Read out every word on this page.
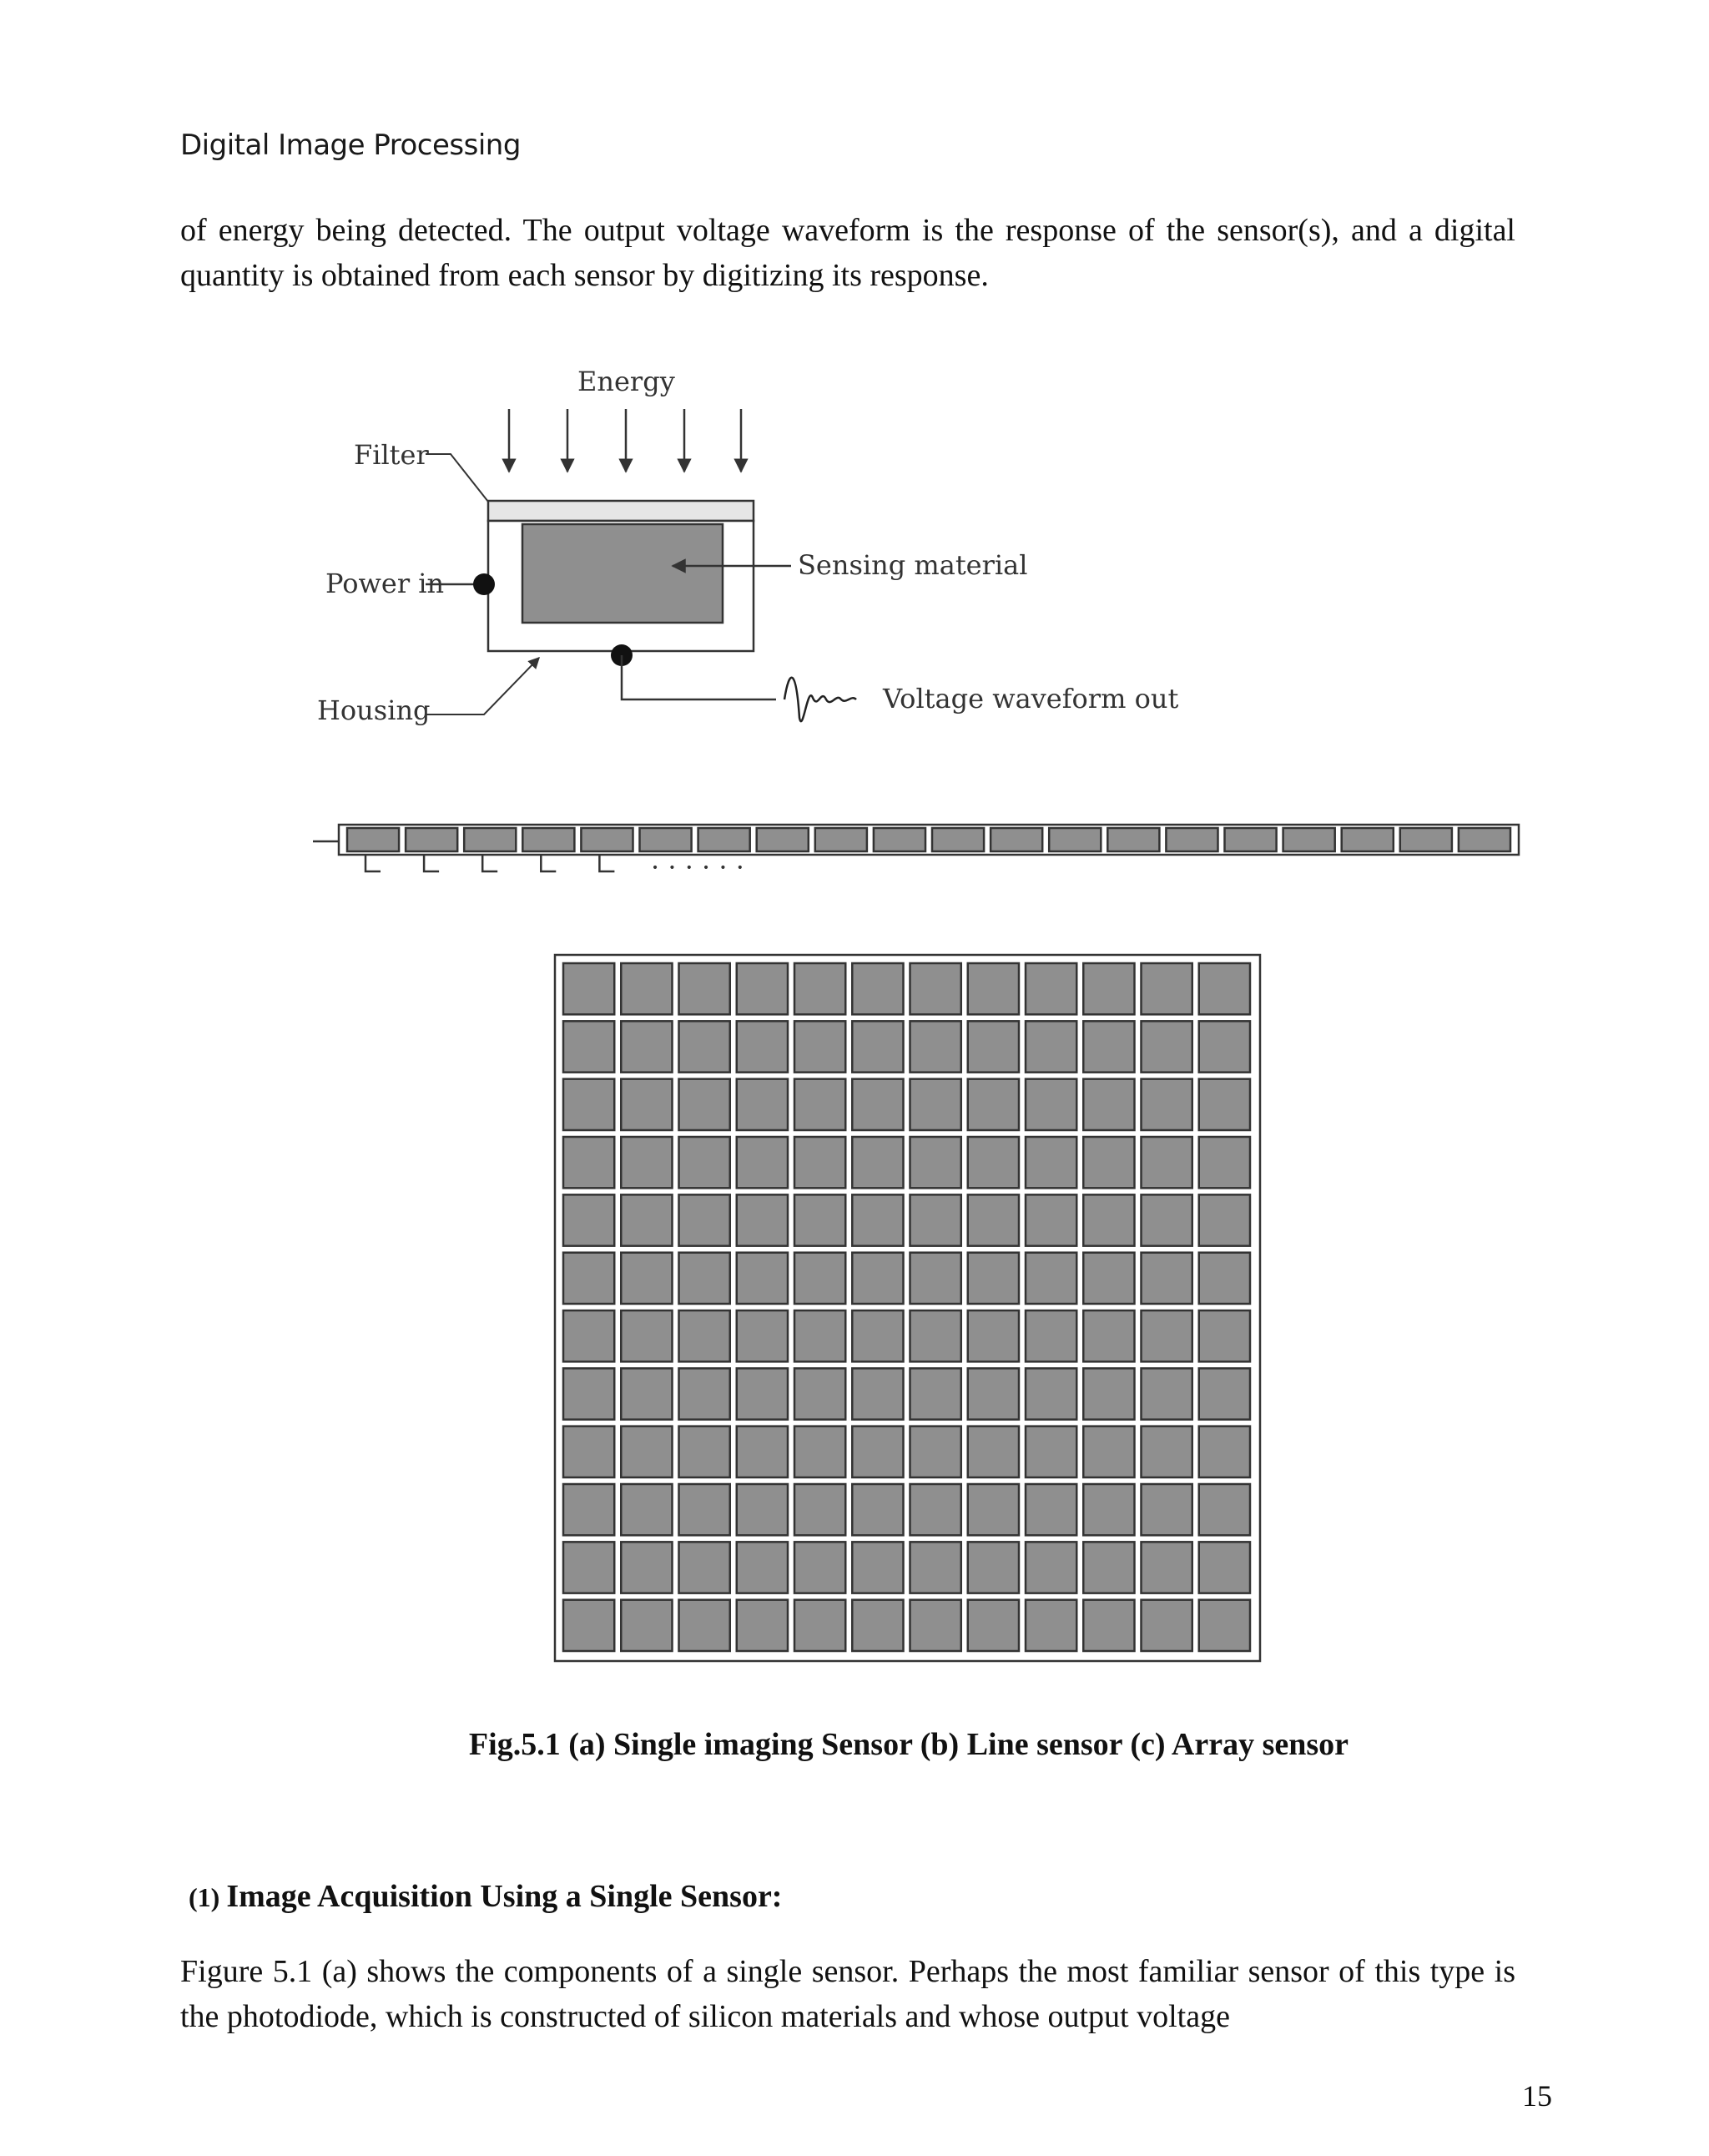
Digital Image Processing
of energy being detected. The output voltage waveform is the response of the sensor(s), and a digital quantity is obtained from each sensor by digitizing its response.
Energy
Filter
Sensing material
Power in
Housing	Voltage waveform out
· · · · · ·
Fig.5.1 (a) Single imaging Sensor (b) Line sensor (c) Array sensor
(1) Image Acquisition Using a Single Sensor:
Figure 5.1 (a) shows the components of a single sensor. Perhaps the most familiar sensor of this type is the photodiode, which is constructed of silicon materials and whose output voltage
15
